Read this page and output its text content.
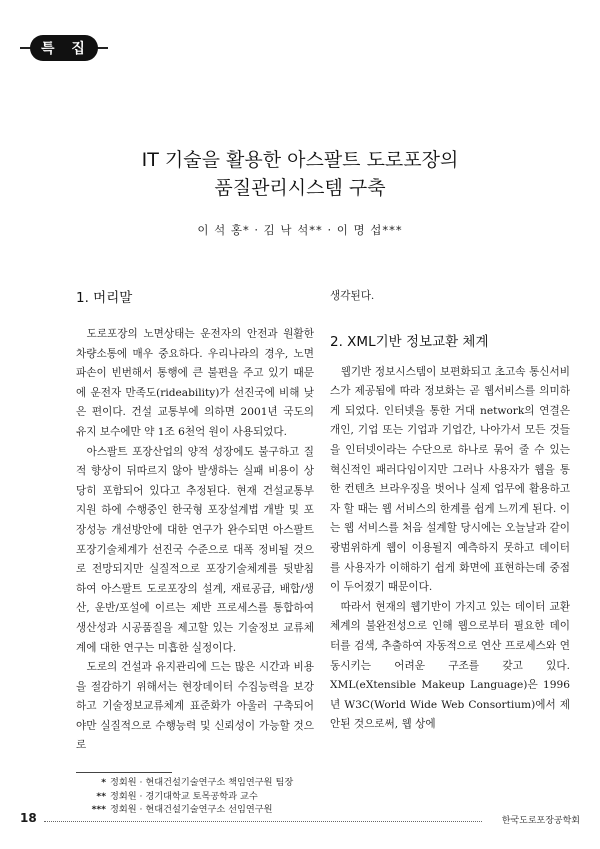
특 집
IT 기술을 활용한 아스팔트 도로포장의
품질관리시스템 구축
이 석 홍* · 김 낙 석** · 이 명 섭***
1. 머리말

도로포장의 노면상태는 운전자의 안전과 원활한 차량소통에 매우 중요하다. 우리나라의 경우, 노면 파손이 빈번해서 통행에 큰 불편을 주고 있기 때문에 운전자 만족도(rideability)가 선진국에 비해 낮은 편이다. 건설 교통부에 의하면 2001년 국도의 유지 보수에만 약 1조 6천억 원이 사용되었다.

아스팔트 포장산업의 양적 성장에도 불구하고 질적 향상이 뒤따르지 않아 발생하는 실패 비용이 상당히 포함되어 있다고 추정된다. 현재 건설교통부 지원 하에 수행중인 한국형 포장설계법 개발 및 포장성능 개선방안에 대한 연구가 완수되면 아스팔트 포장기술체계가 선진국 수준으로 대폭 정비될 것으로 전망되지만 실질적으로 포장기술체계를 뒷받침하여 아스팔트 도로포장의 설계, 재료공급, 배합/생산, 운반/포설에 이르는 제반 프로세스를 통합하여 생산성과 시공품질을 제고할 있는 기술정보 교류체계에 대한 연구는 미흡한 실정이다.

도로의 건설과 유지관리에 드는 많은 시간과 비용을 절감하기 위해서는 현장데이터 수집능력을 보강하고 기술정보교류체계 표준화가 아울러 구축되어야만 실질적으로 수행능력 및 신뢰성이 가능할 것으로

생각된다.

2. XML기반 정보교환 체계

웹기반 정보시스템이 보편화되고 초고속 통신서비스가 제공됨에 따라 정보화는 곧 웹서비스를 의미하게 되었다. 인터넷을 통한 거대 network의 연결은 개인, 기업 또는 기업과 기업간, 나아가서 모든 것들을 인터넷이라는 수단으로 하나로 묶어 줄 수 있는 혁신적인 패러다임이지만 그러나 사용자가 웹을 통한 컨텐츠 브라우징을 벗어나 실제 업무에 활용하고자 할 때는 웹 서비스의 한계를 쉽게 느끼게 된다. 이는 웹 서비스를 처음 설계할 당시에는 오늘날과 같이 광범위하게 웹이 이용될지 예측하지 못하고 데이터를 사용자가 이해하기 쉽게 화면에 표현하는데 중점이 두어졌기 때문이다.

따라서 현재의 웹기반이 가지고 있는 데이터 교환체계의 불완전성으로 인해 웹으로부터 필요한 데이터를 검색, 추출하여 자동적으로 연산 프로세스와 연동시키는 어려운 구조를 갖고 있다. XML(eXtensible Makeup Language)은 1996년 W3C(World Wide Web Consortium)에서 제안된 것으로써, 웹 상에

* 정회원 · 현대건설기술연구소 책임연구원 팀장
** 정회원 · 경기대학교 토목공학과 교수
*** 정회원 · 현대건설기술연구소 선임연구원
18	한국도로포장공학회
